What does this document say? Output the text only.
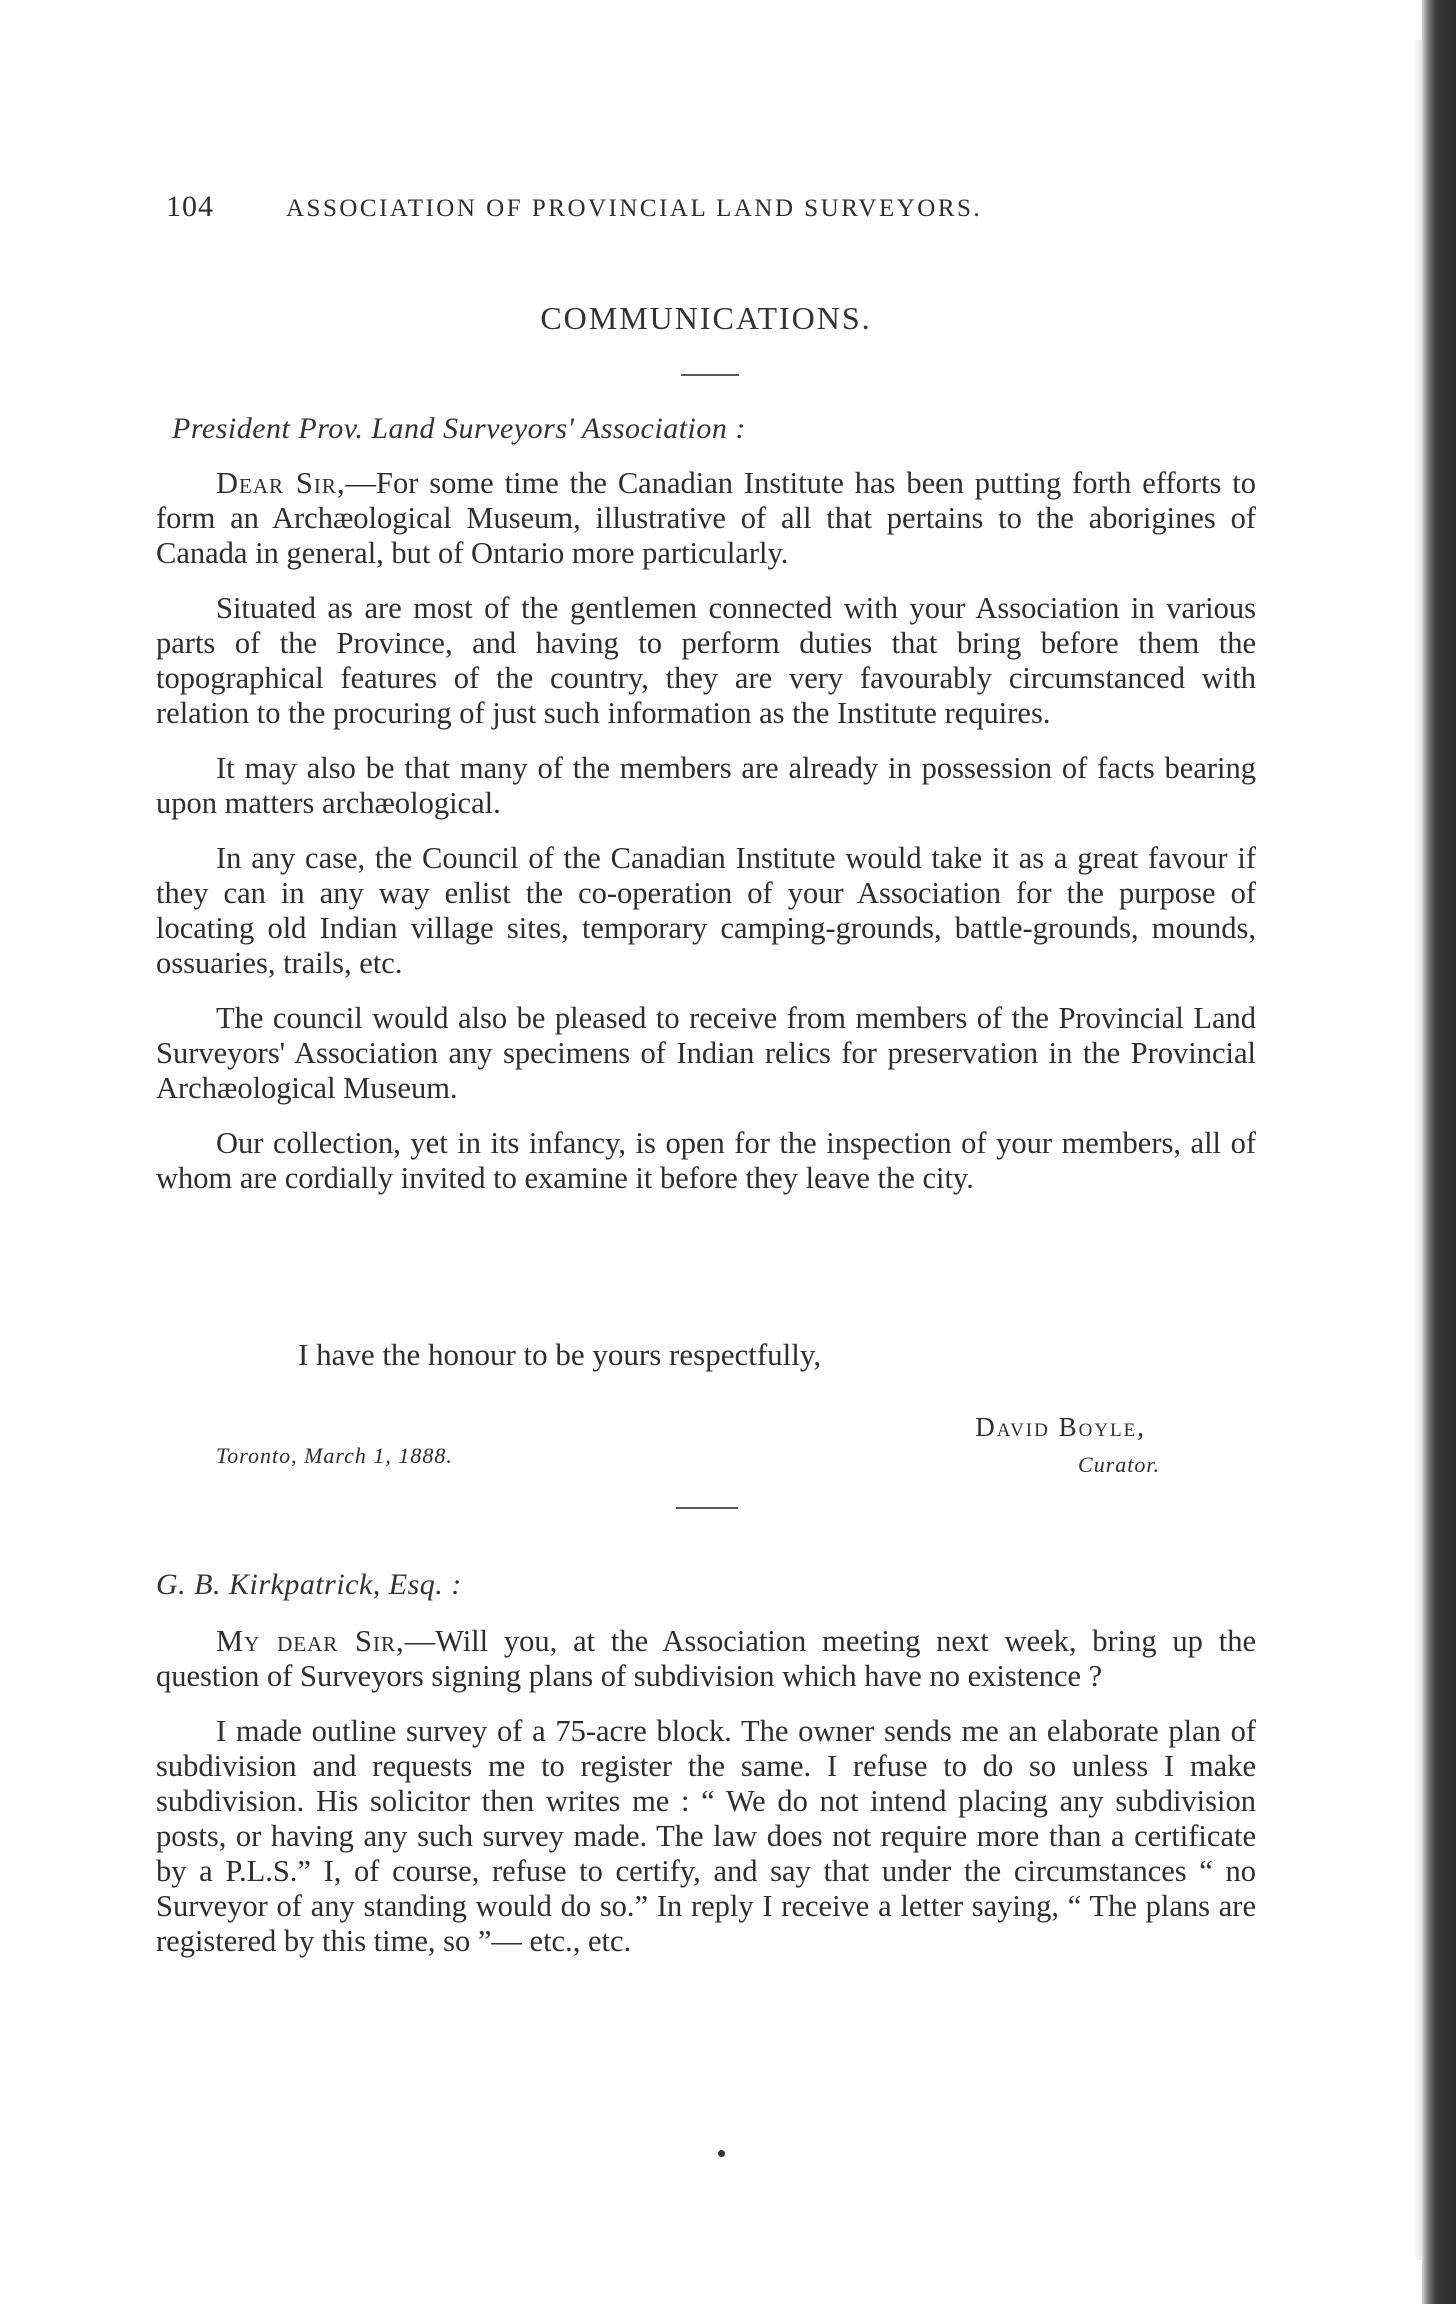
104	ASSOCIATION OF PROVINCIAL LAND SURVEYORS.
COMMUNICATIONS.
President Prov. Land Surveyors' Association :

Dear Sir,—For some time the Canadian Institute has been putting forth efforts to form an Archæological Museum, illustrative of all that pertains to the aborigines of Canada in general, but of Ontario more particularly.

Situated as are most of the gentlemen connected with your Association in various parts of the Province, and having to perform duties that bring before them the topographical features of the country, they are very favourably circumstanced with relation to the procuring of just such information as the Institute requires.

It may also be that many of the members are already in possession of facts bearing upon matters archæological.

In any case, the Council of the Canadian Institute would take it as a great favour if they can in any way enlist the co-operation of your Association for the purpose of locating old Indian village sites, temporary camping-grounds, battle-grounds, mounds, ossuaries, trails, etc.

The council would also be pleased to receive from members of the Provincial Land Surveyors' Association any specimens of Indian relics for preservation in the Provincial Archæological Museum.

Our collection, yet in its infancy, is open for the inspection of your members, all of whom are cordially invited to examine it before they leave the city.

I have the honour to be yours respectfully,
David Boyle,
Toronto, March 1, 1888.	Curator.
G. B. Kirkpatrick, Esq. :

My dear Sir,—Will you, at the Association meeting next week, bring up the question of Surveyors signing plans of subdivision which have no existence ?

I made outline survey of a 75-acre block. The owner sends me an elaborate plan of subdivision and requests me to register the same. I refuse to do so unless I make subdivision. His solicitor then writes me : “ We do not intend placing any subdivision posts, or having any such survey made. The law does not require more than a certificate by a P.L.S.” I, of course, refuse to certify, and say that under the circumstances “ no Surveyor of any standing would do so.” In reply I receive a letter saying, “ The plans are registered by this time, so ”— etc., etc.
